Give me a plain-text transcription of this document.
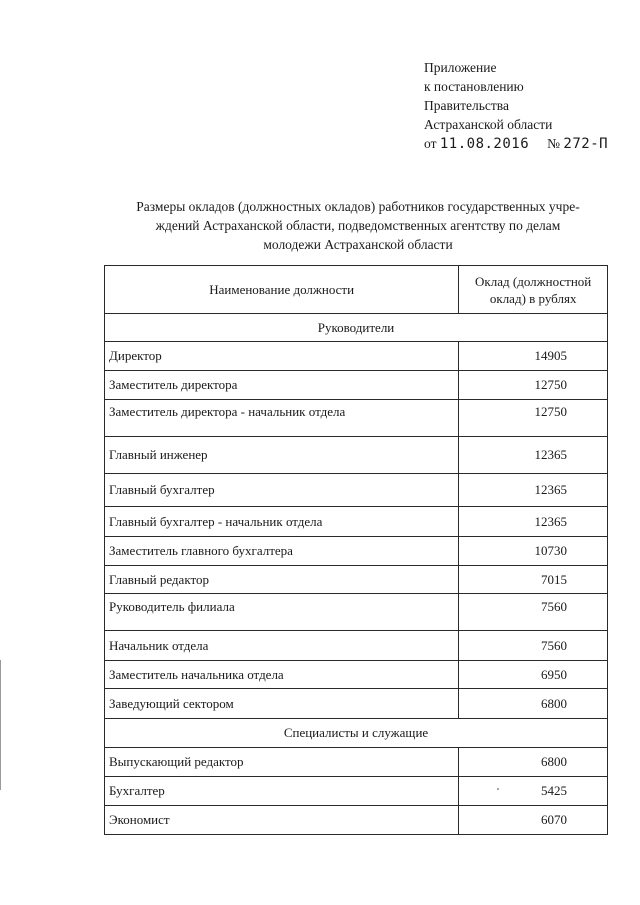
Приложение
к постановлению
Правительства
Астраханской области
от 11.08.2016 № 272-П
Размеры окладов (должностных окладов) работников государственных учре-
ждений Астраханской области, подведомственных агентству по делам
молодежи Астраханской области
Наименование должности	Оклад (должностной
оклад) в рублях
Руководители	
Директор	14905
Заместитель директора	12750
Заместитель директора - начальник отдела	12750
Главный инженер	12365
Главный бухгалтер	12365
Главный бухгалтер - начальник отдела	12365
Заместитель главного бухгалтера	10730
Главный редактор	7015
Руководитель филиала	7560
Начальник отдела	7560
Заместитель начальника отдела	6950
Заведующий сектором	6800
Специалисты и служащие	
Выпускающий редактор	6800
Бухгалтер	5425
Экономист	6070
